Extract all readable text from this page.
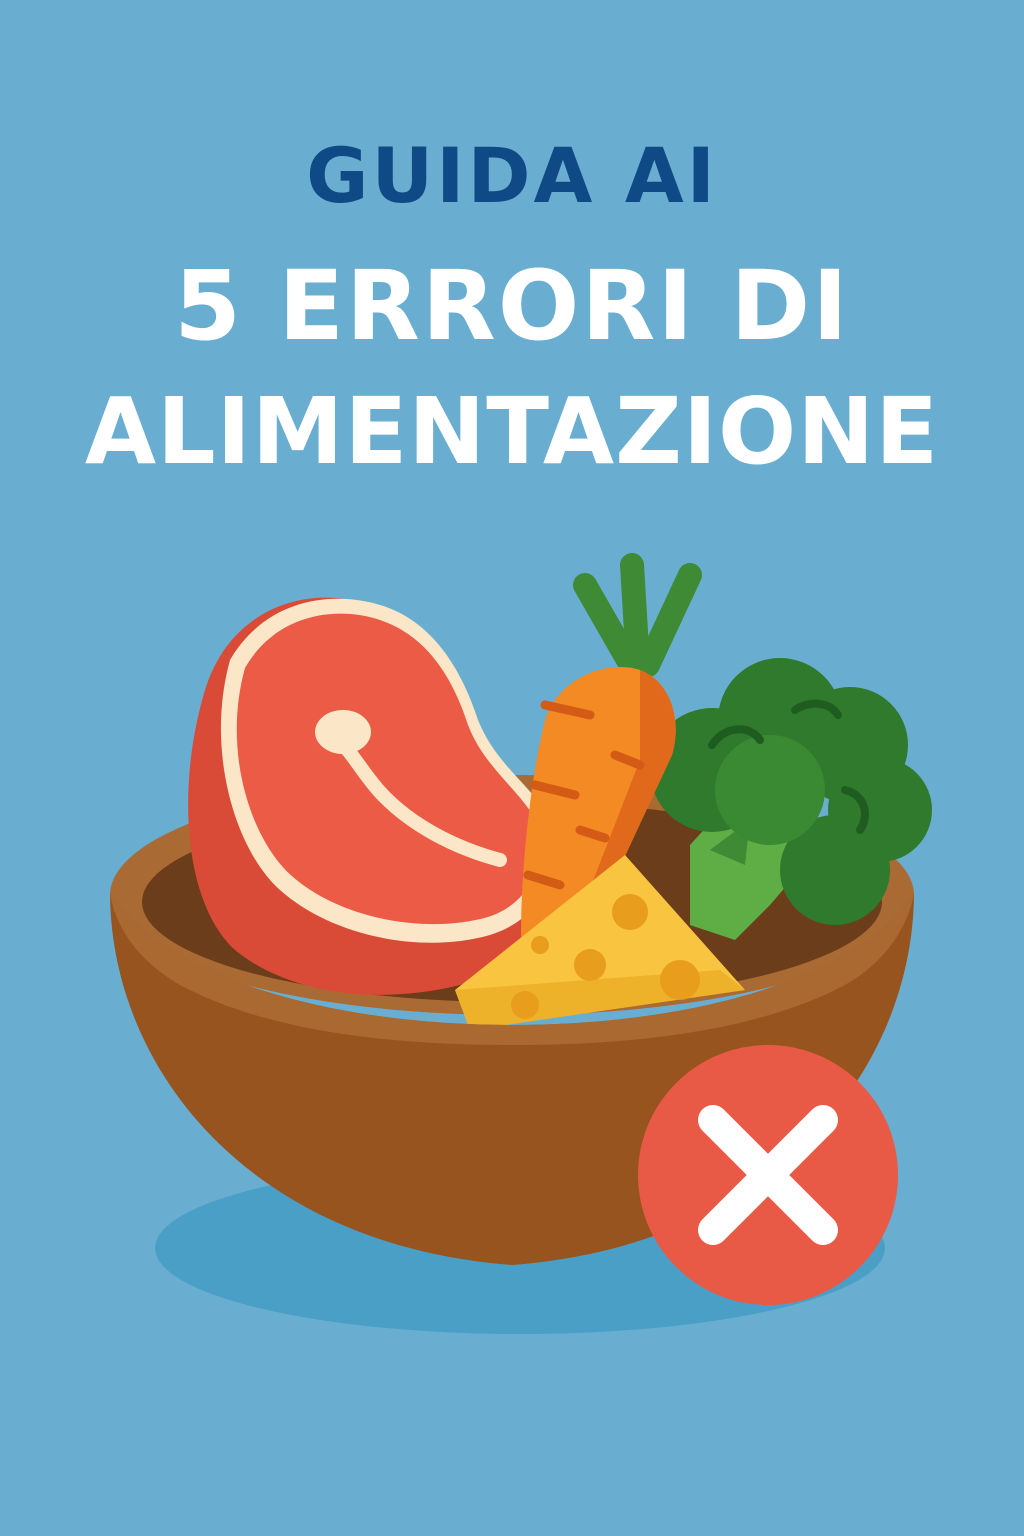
GUIDA AI
5 ERRORI DI
ALIMENTAZIONE
